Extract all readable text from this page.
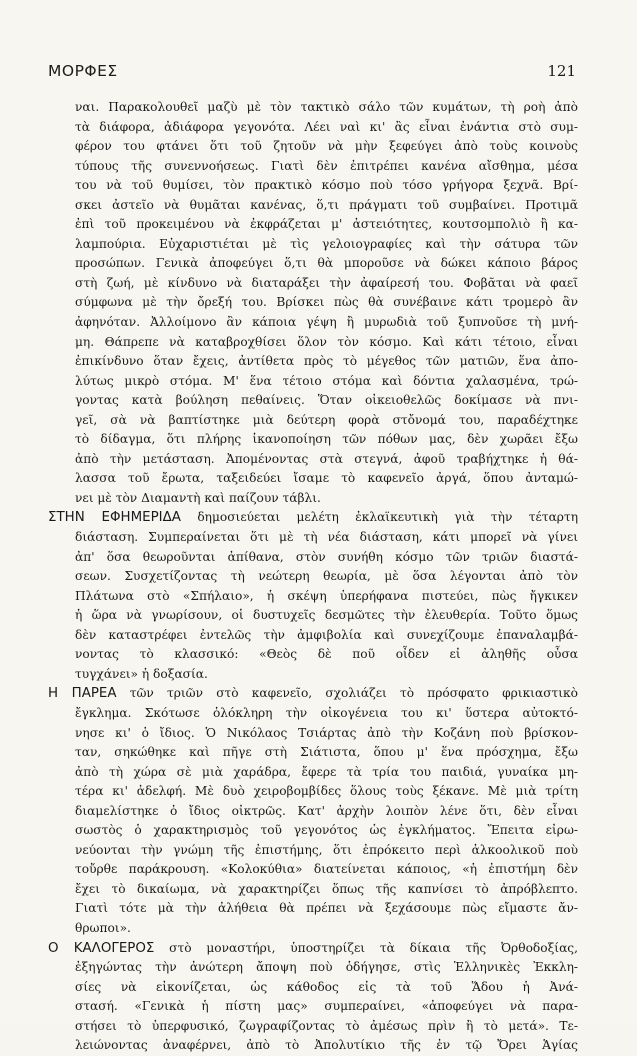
ΜΟΡΦΕΣ	121
ναι. Παρακολουθεῖ μαζὺ μὲ τὸν τακτικὸ σάλο τῶν κυμάτων, τὴ ροὴ ἀπὸ
τὰ διάφορα, ἀδιάφορα γεγονότα. Λέει ναὶ κι' ἂς εἶναι ἐνάντια στὸ συμ-
φέρον του φτάνει ὅτι τοῦ ζητοῦν νὰ μὴν ξεφεύγει ἀπὸ τοὺς κοινοὺς
τύπους τῆς συνεννοήσεως. Γιατὶ δὲν ἐπιτρέπει κανένα αἴσθημα, μέσα
του νὰ τοῦ θυμίσει, τὸν πρακτικὸ κόσμο ποὺ τόσο γρήγορα ξεχνᾶ. Βρί-
σκει ἀστεῖο νὰ θυμᾶται κανένας, ὅ,τι πράγματι τοῦ συμβαίνει. Προτιμᾶ
ἐπὶ τοῦ προκειμένου νὰ ἐκφράζεται μ' ἀστειότητες, κουτσομπολιὸ ἢ κα-
λαμπούρια. Εὐχαριστιέται μὲ τὶς γελοιογραφίες καὶ τὴν σάτυρα τῶν
προσώπων. Γενικὰ ἀποφεύγει ὅ,τι θὰ μποροῦσε νὰ δώκει κάποιο βάρος
στὴ ζωή, μὲ κίνδυνο νὰ διαταράξει τὴν ἀφαίρεσή του. Φοβᾶται νὰ φαεῖ
σύμφωνα μὲ τὴν ὄρεξή του. Βρίσκει πὼς θὰ συνέβαινε κάτι τρομερὸ ἂν
ἀφηνόταν. Ἀλλοίμονο ἂν κάποια γέψη ἢ μυρωδιὰ τοῦ ξυπνοῦσε τὴ μνή-
μη. Θάπρεπε νὰ καταβροχθίσει ὅλον τὸν κόσμο. Καὶ κάτι τέτοιο, εἶναι
ἐπικίνδυνο ὅταν ἔχεις, ἀντίθετα πρὸς τὸ μέγεθος τῶν ματιῶν, ἕνα ἀπο-
λύτως μικρὸ στόμα. Μ' ἕνα τέτοιο στόμα καὶ δόντια χαλασμένα, τρώ-
γοντας κατὰ βούληση πεθαίνεις. Ὅταν οἰκειοθελῶς δοκίμασε νὰ πνι-
γεῖ, σὰ νὰ βαπτίστηκε μιὰ δεύτερη φορὰ στὄνομά του, παραδέχτηκε
τὸ δίδαγμα, ὅτι πλήρης ἱκανοποίηση τῶν πόθων μας, δὲν χωρᾶει ἔξω
ἀπὸ τὴν μετάσταση. Ἀπομένοντας στὰ στεγνά, ἀφοῦ τραβήχτηκε ἡ θά-
λασσα τοῦ ἔρωτα, ταξειδεύει ἴσαμε τὸ καφενεῖο ἀργά, ὅπου ἀνταμώ-
νει μὲ τὸν Διαμαντὴ καὶ παίζουν τάβλι.
ΣΤΗΝ ΕΦΗΜΕΡΙΔΑ δημοσιεύεται μελέτη ἐκλαϊκευτικὴ γιὰ τὴν τέταρτη
διάσταση. Συμπεραίνεται ὅτι μὲ τὴ νέα διάσταση, κάτι μπορεῖ νὰ γίνει
ἀπ' ὅσα θεωροῦνται ἀπίθανα, στὸν συνήθη κόσμο τῶν τριῶν διαστά-
σεων. Συσχετίζοντας τὴ νεώτερη θεωρία, μὲ ὅσα λέγονται ἀπὸ τὸν
Πλάτωνα στὸ «Σπήλαιο», ἡ σκέψη ὑπερήφανα πιστεύει, πὼς ἤγκικεν
ἡ ὥρα νὰ γνωρίσουν, οἱ δυστυχεῖς δεσμῶτες τὴν ἐλευθερία. Τοῦτο ὅμως
δὲν καταστρέφει ἐντελῶς τὴν ἀμφιβολία καὶ συνεχίζουμε ἐπαναλαμβά-
νοντας τὸ κλασσικό: «Θεὸς δὲ ποῦ οἶδεν εἰ ἀληθῆς οὖσα
τυγχάνει» ἡ δοξασία.
Η ΠΑΡΕΑ τῶν τριῶν στὸ καφενεῖο, σχολιάζει τὸ πρόσφατο φρικιαστικὸ
ἔγκλημα. Σκότωσε ὁλόκληρη τὴν οἰκογένεια του κι' ὕστερα αὐτοκτό-
νησε κι' ὁ ἴδιος. Ὁ Νικόλαος Τσιάρτας ἀπὸ τὴν Κοζάνη ποὺ βρίσκον-
ταν, σηκώθηκε καὶ πῆγε στὴ Σιάτιστα, ὅπου μ' ἕνα πρόσχημα, ἔξω
ἀπὸ τὴ χώρα σὲ μιὰ χαράδρα, ἔφερε τὰ τρία του παιδιά, γυναίκα μη-
τέρα κι' ἀδελφή. Μὲ δυὸ χειροβομβίδες ὅλους τοὺς ξέκανε. Μὲ μιὰ τρίτη
διαμελίστηκε ὁ ἴδιος οἰκτρῶς. Κατ' ἀρχὴν λοιπὸν λένε ὅτι, δὲν εἶναι
σωστὸς ὁ χαρακτηρισμὸς τοῦ γεγονότος ὡς ἐγκλήματος. Ἔπειτα εἰρω-
νεύονται τὴν γνώμη τῆς ἐπιστήμης, ὅτι ἐπρόκειτο περὶ ἀλκοολικοῦ ποὺ
τοὔρθε παράκρουση. «Κολοκύθια» διατείνεται κάποιος, «ἡ ἐπιστήμη δὲν
ἔχει τὸ δικαίωμα, νὰ χαρακτηρίζει ὅπως τῆς καπνίσει τὸ ἀπρόβλεπτο.
Γιατὶ τότε μὰ τὴν ἀλήθεια θὰ πρέπει νὰ ξεχάσουμε πὼς εἴμαστε ἄν-
θρωποι».
Ο ΚΑΛΟΓΕΡΟΣ στὸ μοναστήρι, ὑποστηρίζει τὰ δίκαια τῆς Ὀρθοδοξίας,
ἐξηγώντας τὴν ἀνώτερη ἄποψη ποὺ ὁδήγησε, στὶς Ἑλληνικὲς Ἐκκλη-
σίες νὰ εἰκονίζεται, ὡς κάθοδος εἰς τὰ τοῦ Ἅδου ἡ Ἀνά-
στασή. «Γενικὰ ἡ πίστη μας» συμπεραίνει, «ἀποφεύγει νὰ παρα-
στήσει τὸ ὑπερφυσικό, ζωγραφίζοντας τὸ ἀμέσως πρὶν ἢ τὸ μετά». Τε-
λειώνοντας ἀναφέρνει, ἀπὸ τὸ Ἀπολυτίκιο τῆς ἐν τῷ Ὄρει Ἁγίας
